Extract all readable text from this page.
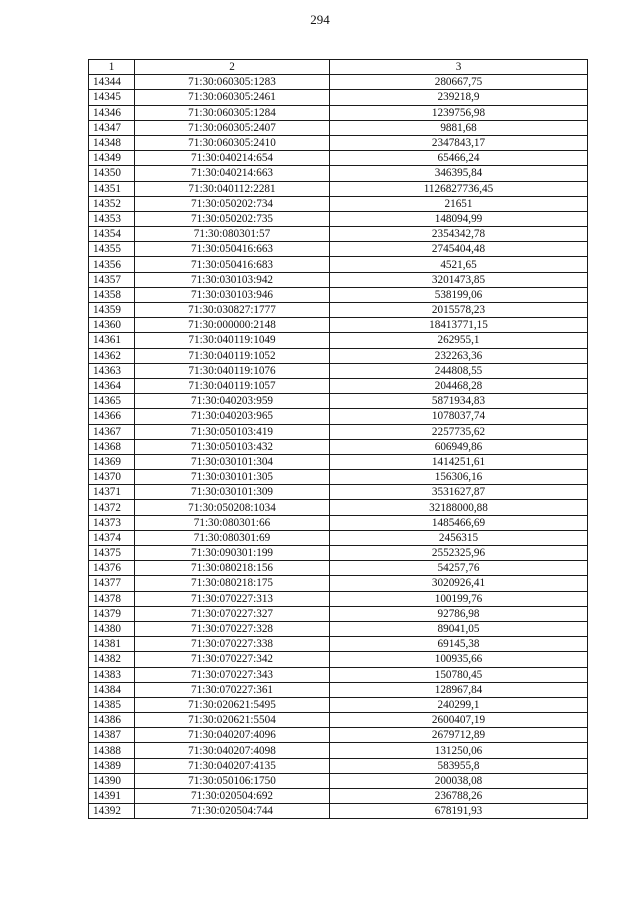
294
1	2	3
14344	71:30:060305:1283	280667,75
14345	71:30:060305:2461	239218,9
14346	71:30:060305:1284	1239756,98
14347	71:30:060305:2407	9881,68
14348	71:30:060305:2410	2347843,17
14349	71:30:040214:654	65466,24
14350	71:30:040214:663	346395,84
14351	71:30:040112:2281	1126827736,45
14352	71:30:050202:734	21651
14353	71:30:050202:735	148094,99
14354	71:30:080301:57	2354342,78
14355	71:30:050416:663	2745404,48
14356	71:30:050416:683	4521,65
14357	71:30:030103:942	3201473,85
14358	71:30:030103:946	538199,06
14359	71:30:030827:1777	2015578,23
14360	71:30:000000:2148	18413771,15
14361	71:30:040119:1049	262955,1
14362	71:30:040119:1052	232263,36
14363	71:30:040119:1076	244808,55
14364	71:30:040119:1057	204468,28
14365	71:30:040203:959	5871934,83
14366	71:30:040203:965	1078037,74
14367	71:30:050103:419	2257735,62
14368	71:30:050103:432	606949,86
14369	71:30:030101:304	1414251,61
14370	71:30:030101:305	156306,16
14371	71:30:030101:309	3531627,87
14372	71:30:050208:1034	32188000,88
14373	71:30:080301:66	1485466,69
14374	71:30:080301:69	2456315
14375	71:30:090301:199	2552325,96
14376	71:30:080218:156	54257,76
14377	71:30:080218:175	3020926,41
14378	71:30:070227:313	100199,76
14379	71:30:070227:327	92786,98
14380	71:30:070227:328	89041,05
14381	71:30:070227:338	69145,38
14382	71:30:070227:342	100935,66
14383	71:30:070227:343	150780,45
14384	71:30:070227:361	128967,84
14385	71:30:020621:5495	240299,1
14386	71:30:020621:5504	2600407,19
14387	71:30:040207:4096	2679712,89
14388	71:30:040207:4098	131250,06
14389	71:30:040207:4135	583955,8
14390	71:30:050106:1750	200038,08
14391	71:30:020504:692	236788,26
14392	71:30:020504:744	678191,93
